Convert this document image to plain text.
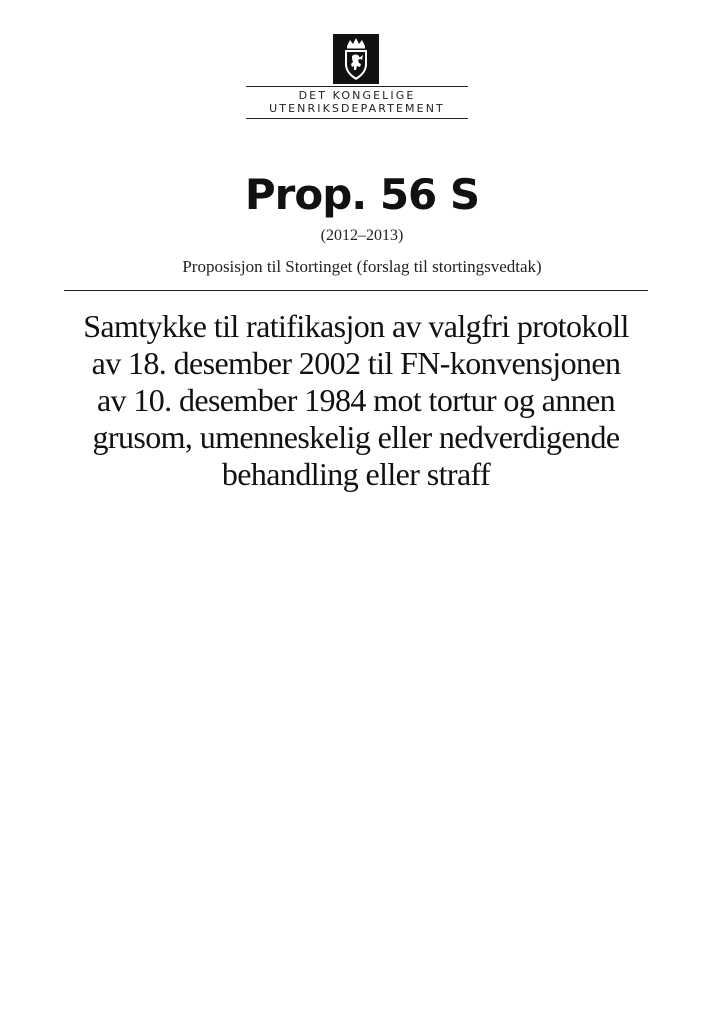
DET KONGELIGE
UTENRIKSDEPARTEMENT
Prop. 56 S
(2012–2013)
Proposisjon til Stortinget (forslag til stortingsvedtak)
Samtykke til ratifikasjon av valgfri protokoll
av 18. desember 2002 til FN-konvensjonen
av 10. desember 1984 mot tortur og annen
grusom, umenneskelig eller nedverdigende
behandling eller straff
